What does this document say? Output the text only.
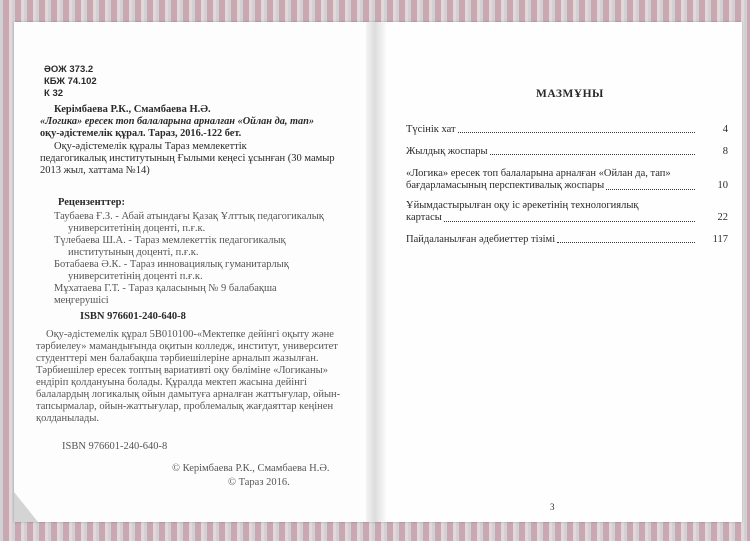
ӘОЖ 373.2
КБЖ 74.102
К 32
Керімбаева Р.К., Смамбаева Н.Ә.
«Логика» ересек топ балаларына арналған «Ойлан да, тап»
оқу-әдістемелік құрал. Тараз, 2016.-122 бет.
Оқу-әдістемелік құралы Тараз мемлекеттік
педагогикалық институтының Ғылыми кеңесі ұсынған (30 мамыр
2013 жыл, хаттама №14)
Рецензенттер:
Таубаева Ғ.З. - Абай атындағы Қазақ Ұлттық педагогикалық
университетінің доценті, п.ғ.к.
Түлебаева Ш.А. - Тараз мемлекеттік педагогикалық
институтының доценті, п.ғ.к.
Ботабаева Ә.К. - Тараз инновациялық гуманитарлық
университетінің доценті п.ғ.к.
Мұхатаева Г.Т. - Тараз қаласының № 9 балабақша
меңгерушісі
ISBN 976601-240-640-8
Оқу-әдістемелік құрал 5В010100-«Мектепке дейінгі оқыту және
тәрбиелеу» мамандығында оқитын колледж, институт, университет
студенттері мен балабақша тәрбиешілеріне арналып жазылған.
Тәрбиешілер ересек топтың вариативті оқу бөліміне «Логиканы»
ендіріп қолдануына болады. Құралда мектеп жасына дейінгі
балалардың логикалық ойын дамытуға арналған жаттығулар, ойын-
тапсырмалар, ойын-жаттығулар, проблемалық жағдаяттар кеңінен
қолданылады.
ISBN 976601-240-640-8
© Керімбаева Р.К., Смамбаева Н.Ә.
© Тараз 2016.
МАЗМҰНЫ
Түсінік хат	4
Жылдық жоспары	8
«Логика» ересек топ балаларына арналған «Ойлан да, тап»
бағдарламасының перспективалық жоспары	10
Ұйымдастырылған оқу іс әрекетінің технологиялық
картасы	22
Пайдаланылған әдебиеттер тізімі	117
3
